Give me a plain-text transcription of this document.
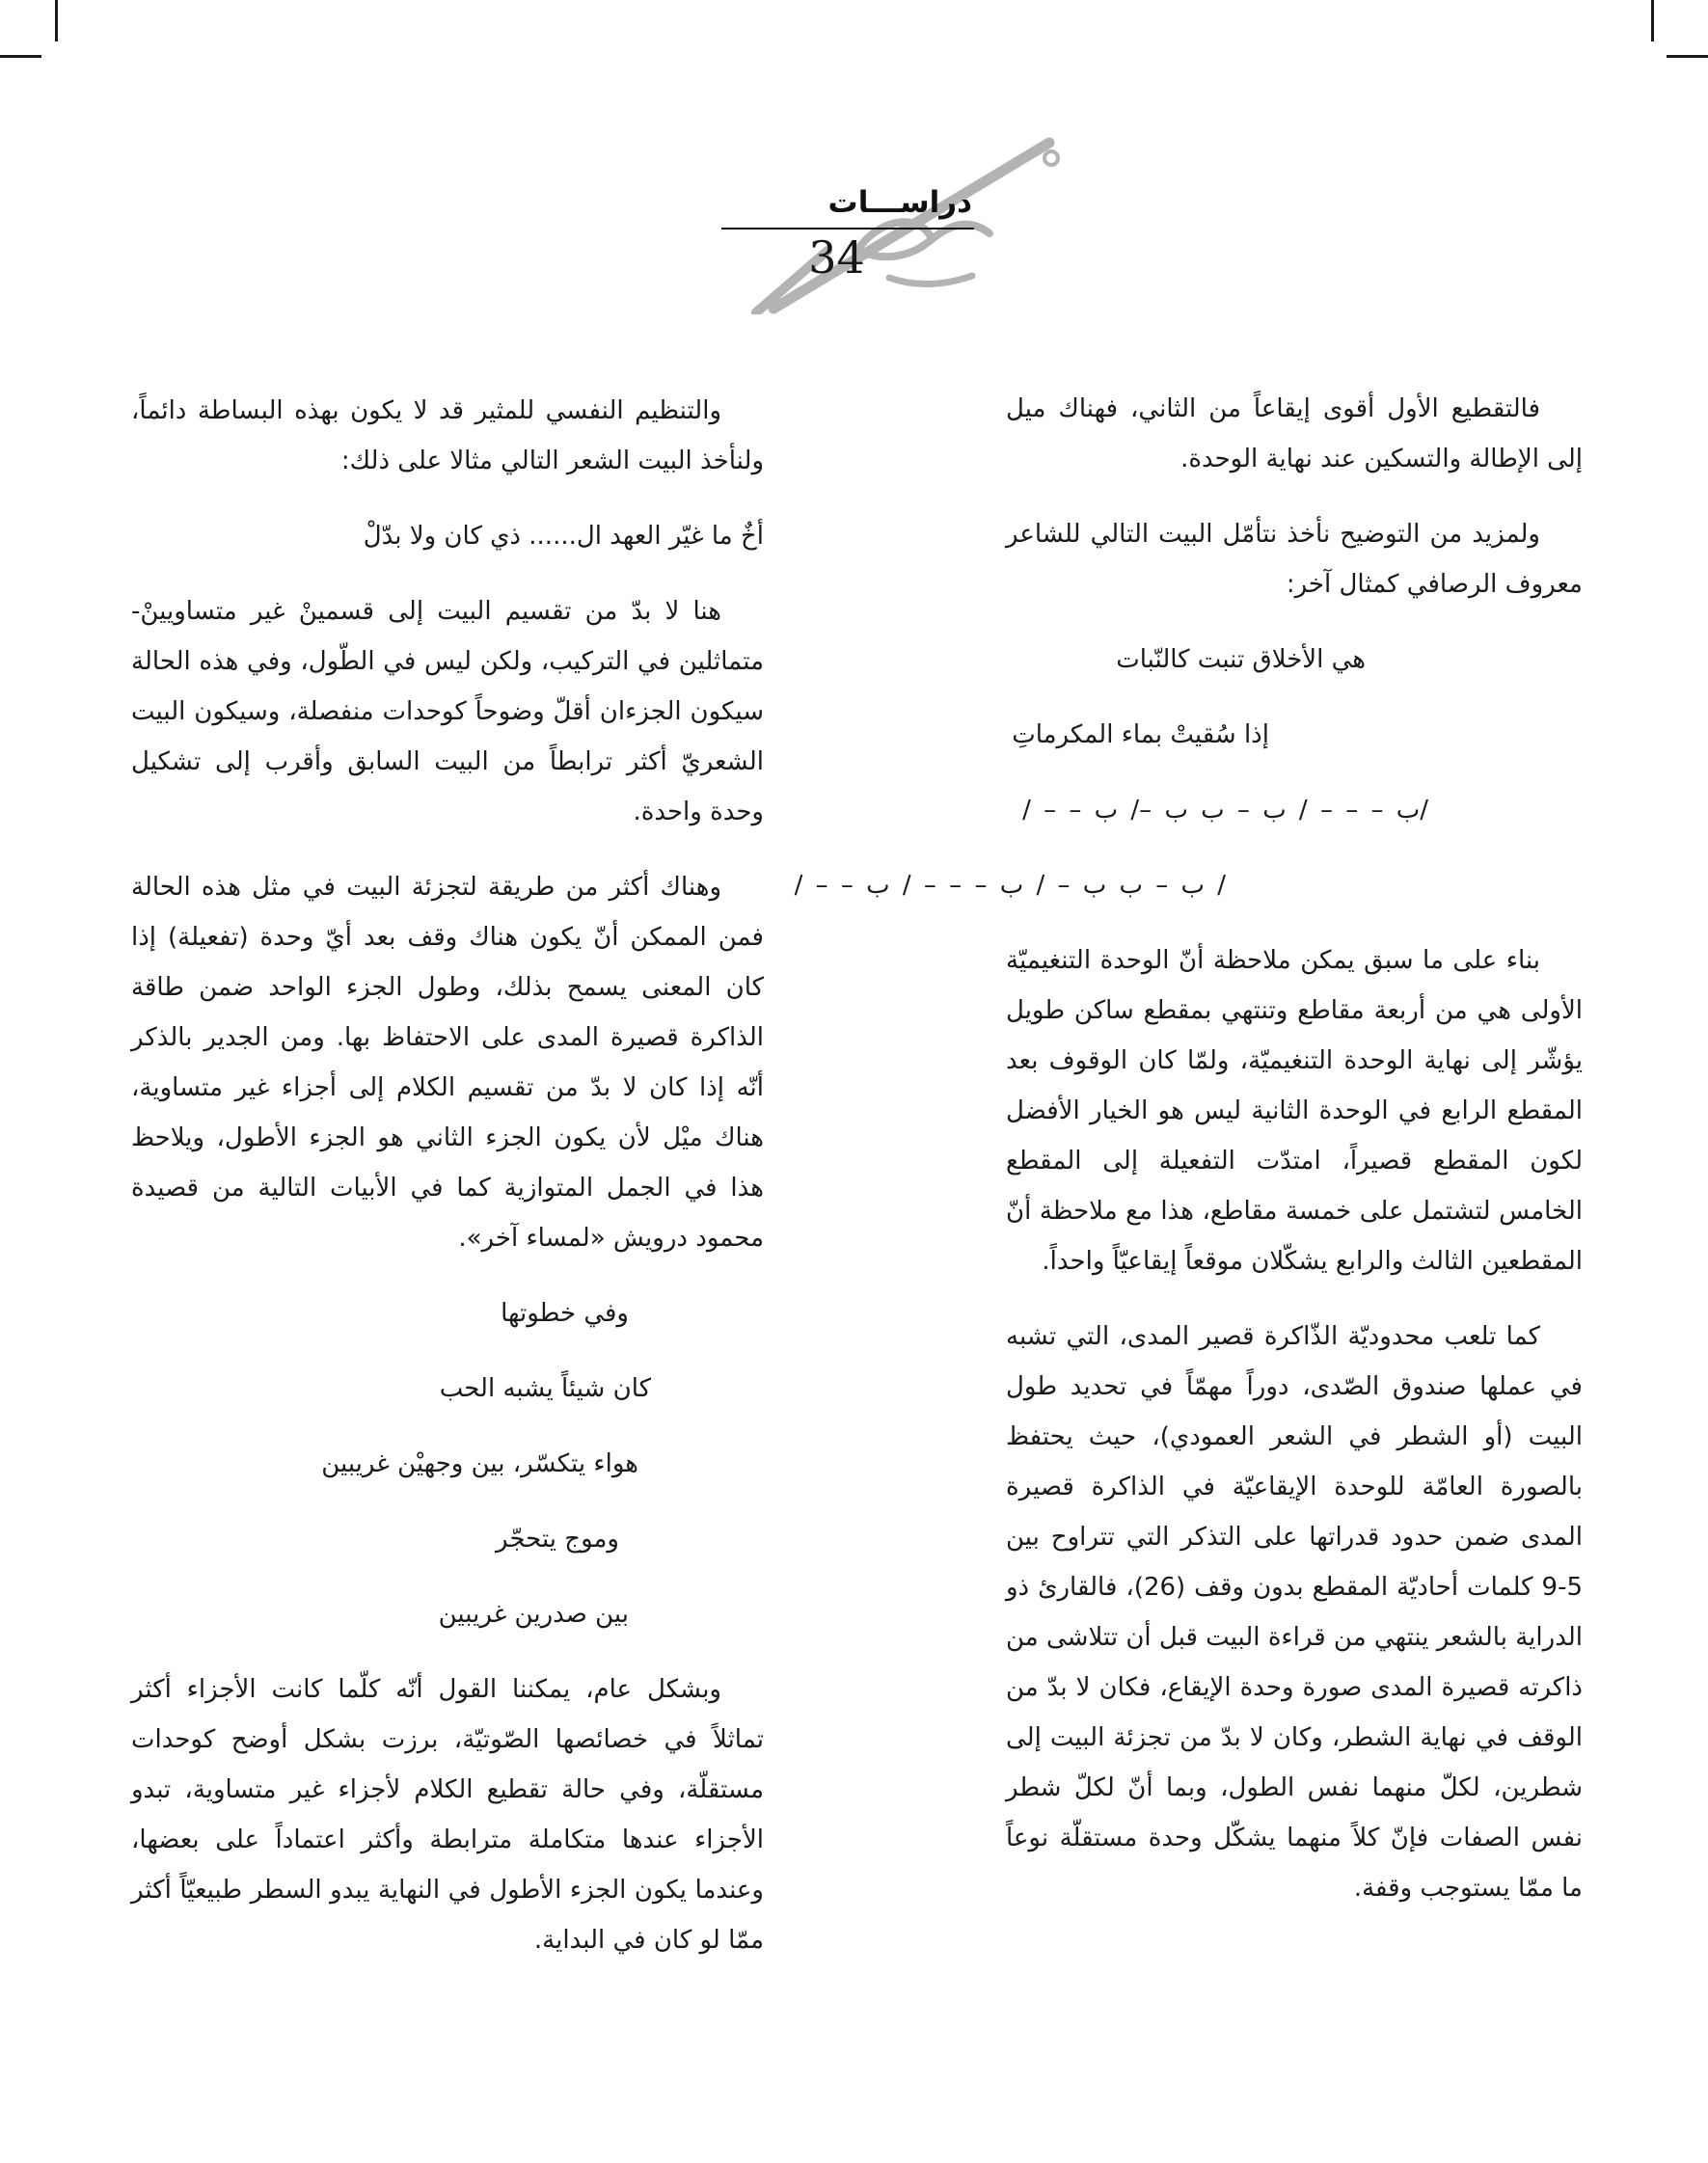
دراســـات
34
فالتقطيع الأول أقوى إيقاعاً من الثاني، فهناك ميل إلى الإطالة والتسكين عند نهاية الوحدة.
ولمزيد من التوضيح نأخذ نتأمّل البيت التالي للشاعر معروف الرصافي كمثال آخر:
هي الأخلاق تنبت كالنّبات
إذا سُقيتْ بماء المكرماتِ
/ب – – – / ب – ب ب –/ ب – – /
/ ب – ب ب – / ب – – – / ب – – /
بناء على ما سبق يمكن ملاحظة أنّ الوحدة التنغيميّة الأولى هي من أربعة مقاطع وتنتهي بمقطع ساكن طويل يؤشّر إلى نهاية الوحدة التنغيميّة، ولمّا كان الوقوف بعد المقطع الرابع في الوحدة الثانية ليس هو الخيار الأفضل لكون المقطع قصيراً، امتدّت التفعيلة إلى المقطع الخامس لتشتمل على خمسة مقاطع، هذا مع ملاحظة أنّ المقطعين الثالث والرابع يشكّلان موقعاً إيقاعيّاً واحداً.
كما تلعب محدوديّة الذّاكرة قصير المدى، التي تشبه في عملها صندوق الصّدى، دوراً مهمّاً في تحديد طول البيت (أو الشطر في الشعر العمودي)، حيث يحتفظ بالصورة العامّة للوحدة الإيقاعيّة في الذاكرة قصيرة المدى ضمن حدود قدراتها على التذكر التي تتراوح بين 5-9 كلمات أحاديّة المقطع بدون وقف (26)، فالقارئ ذو الدراية بالشعر ينتهي من قراءة البيت قبل أن تتلاشى من ذاكرته قصيرة المدى صورة وحدة الإيقاع، فكان لا بدّ من الوقف في نهاية الشطر، وكان لا بدّ من تجزئة البيت إلى شطرين، لكلّ منهما نفس الطول، وبما أنّ لكلّ شطر نفس الصفات فإنّ كلاً منهما يشكّل وحدة مستقلّة نوعاً ما ممّا يستوجب وقفة.
والتنظيم النفسي للمثير قد لا يكون بهذه البساطة دائماً، ولنأخذ البيت الشعر التالي مثالا على ذلك:
أخٌ ما غيّر العهد ال...... ذي كان ولا بدّلْ
هنا لا بدّ من تقسيم البيت إلى قسمينْ غير متساويينْ- متماثلين في التركيب، ولكن ليس في الطّول، وفي هذه الحالة سيكون الجزءان أقلّ وضوحاً كوحدات منفصلة، وسيكون البيت الشعريّ أكثر ترابطاً من البيت السابق وأقرب إلى تشكيل وحدة واحدة.
وهناك أكثر من طريقة لتجزئة البيت في مثل هذه الحالة فمن الممكن أنّ يكون هناك وقف بعد أيّ وحدة (تفعيلة) إذا كان المعنى يسمح بذلك، وطول الجزء الواحد ضمن طاقة الذاكرة قصيرة المدى على الاحتفاظ بها. ومن الجدير بالذكر أنّه إذا كان لا بدّ من تقسيم الكلام إلى أجزاء غير متساوية، هناك ميْل لأن يكون الجزء الثاني هو الجزء الأطول، ويلاحظ هذا في الجمل المتوازية كما في الأبيات التالية من قصيدة محمود درويش «لمساء آخر».
وفي خطوتها
كان شيئاً يشبه الحب
هواء يتكسّر، بين وجهيْن غريبين
وموج يتحجّر
بين صدرين غريبين
وبشكل عام، يمكننا القول أنّه كلّما كانت الأجزاء أكثر تماثلاً في خصائصها الصّوتيّة، برزت بشكل أوضح كوحدات مستقلّة، وفي حالة تقطيع الكلام لأجزاء غير متساوية، تبدو الأجزاء عندها متكاملة مترابطة وأكثر اعتماداً على بعضها، وعندما يكون الجزء الأطول في النهاية يبدو السطر طبيعيّاً أكثر ممّا لو كان في البداية.
